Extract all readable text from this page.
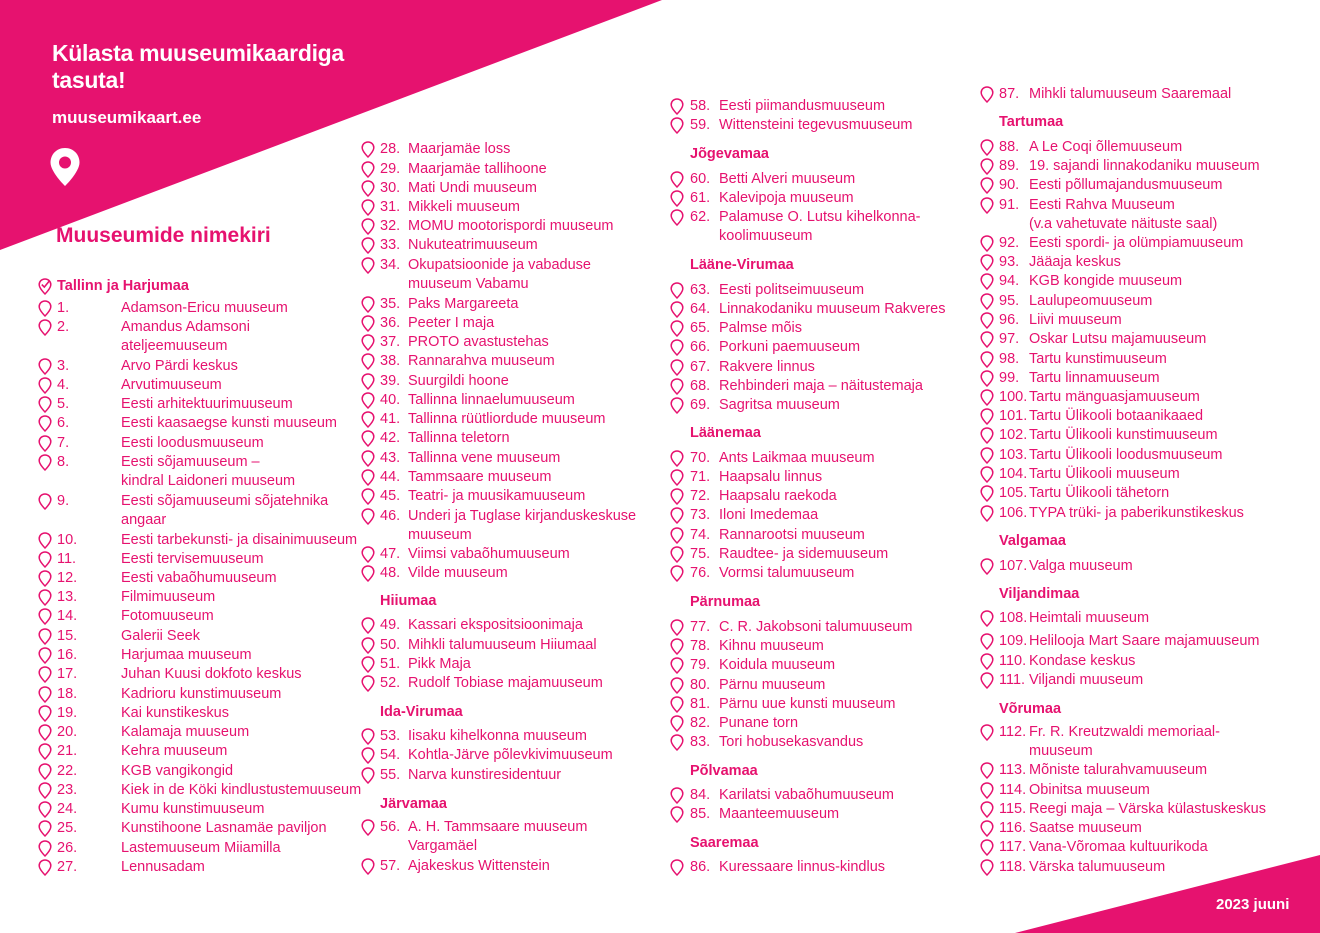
Külasta muuseumikaardiga tasuta!
muuseumikaart.ee
Muuseumide nimekiri
Tallinn ja Harjumaa
1.	Adamson-Ericu muuseum
2.	Amandus Adamsoni
ateljeemuuseum
3.	Arvo Pärdi keskus
4.	Arvutimuuseum
5.	Eesti arhitektuurimuuseum
6.	Eesti kaasaegse kunsti muuseum
7.	Eesti loodusmuuseum
8.	Eesti sõjamuuseum –
kindral Laidoneri muuseum
9.	Eesti sõjamuuseumi sõjatehnika
angaar
10.	Eesti tarbekunsti- ja disainimuuseum
11.	Eesti tervisemuuseum
12.	Eesti vabaõhumuuseum
13.	Filmimuuseum
14.	Fotomuuseum
15.	Galerii Seek
16.	Harjumaa muuseum
17.	Juhan Kuusi dokfoto keskus
18.	Kadrioru kunstimuuseum
19.	Kai kunstikeskus
20.	Kalamaja muuseum
21.	Kehra muuseum
22.	KGB vangikongid
23.	Kiek in de Köki kindlustustemuuseum
24.	Kumu kunstimuuseum
25.	Kunstihoone Lasnamäe paviljon
26.	Lastemuuseum Miiamilla
27.	Lennusadam
28. Maarjamäe loss
29. Maarjamäe tallihoone
30. Mati Undi muuseum
31. Mikkeli muuseum
32. MOMU mootorispordi muuseum
33. Nukuteatrimuuseum
34. Okupatsioonide ja vabaduse
muuseum Vabamu
35. Paks Margareeta
36. Peeter I maja
37. PROTO avastustehas
38. Rannarahva muuseum
39. Suurgildi hoone
40. Tallinna linnaelumuuseum
41. Tallinna rüütliordude muuseum
42. Tallinna teletorn
43. Tallinna vene muuseum
44. Tammsaare muuseum
45. Teatri- ja muusikamuuseum
46. Underi ja Tuglase kirjanduskeskuse
muuseum
47. Viimsi vabaõhumuuseum
48. Vilde muuseum
Hiiumaa
49. Kassari ekspositsioonimaja
50. Mihkli talumuuseum Hiiumaal
51. Pikk Maja
52. Rudolf Tobiase majamuuseum
Ida-Virumaa
53. Iisaku kihelkonna muuseum
54. Kohtla-Järve põlevkivimuuseum
55. Narva kunstiresidentuur
Järvamaa
56. A. H. Tammsaare muuseum
Vargamäel
57. Ajakeskus Wittenstein
58. Eesti piimandusmuuseum
59. Wittensteini tegevusmuuseum
Jõgevamaa
60. Betti Alveri muuseum
61. Kalevipoja muuseum
62. Palamuse O. Lutsu kihelkonna-
koolimuuseum
Lääne-Virumaa
63. Eesti politseimuuseum
64. Linnakodaniku muuseum Rakveres
65. Palmse mõis
66. Porkuni paemuuseum
67. Rakvere linnus
68. Rehbinderi maja – näitustemaja
69. Sagritsa muuseum
Läänemaa
70. Ants Laikmaa muuseum
71. Haapsalu linnus
72. Haapsalu raekoda
73. Iloni Imedemaa
74. Rannarootsi muuseum
75. Raudtee- ja sidemuuseum
76. Vormsi talumuuseum
Pärnumaa
77. C. R. Jakobsoni talumuuseum
78. Kihnu muuseum
79. Koidula muuseum
80. Pärnu muuseum
81. Pärnu uue kunsti muuseum
82. Punane torn
83. Tori hobusekasvandus
Põlvamaa
84. Karilatsi vabaõhumuuseum
85. Maanteemuuseum
Saaremaa
86. Kuressaare linnus-kindlus
87. Mihkli talumuuseum Saaremaal
Tartumaa
88. A Le Coqi õllemuuseum
89. 19. sajandi linnakodaniku muuseum
90. Eesti põllumajandusmuuseum
91. Eesti Rahva Muuseum
(v.a vahetuvate näituste saal)
92. Eesti spordi- ja olümpiamuuseum
93. Jääaja keskus
94. KGB kongide muuseum
95. Laulupeomuuseum
96. Liivi muuseum
97. Oskar Lutsu majamuuseum
98. Tartu kunstimuuseum
99. Tartu linnamuuseum
100. Tartu mänguasjamuuseum
101. Tartu Ülikooli botaanikaaed
102. Tartu Ülikooli kunstimuuseum
103. Tartu Ülikooli loodusmuuseum
104. Tartu Ülikooli muuseum
105. Tartu Ülikooli tähetorn
106. TYPA trüki- ja paberikunstikeskus
Valgamaa
107. Valga muuseum
Viljandimaa
108. Heimtali muuseum
109. Helilooja Mart Saare majamuuseum
110. Kondase keskus
111. Viljandi muuseum
Võrumaa
112. Fr. R. Kreutzwaldi memoriaal-
muuseum
113. Mõniste talurahvamuuseum
114. Obinitsa muuseum
115. Reegi maja – Värska külastuskeskus
116. Saatse muuseum
117. Vana-Võromaa kultuurikoda
118. Värska talumuuseum
2023 juuni
